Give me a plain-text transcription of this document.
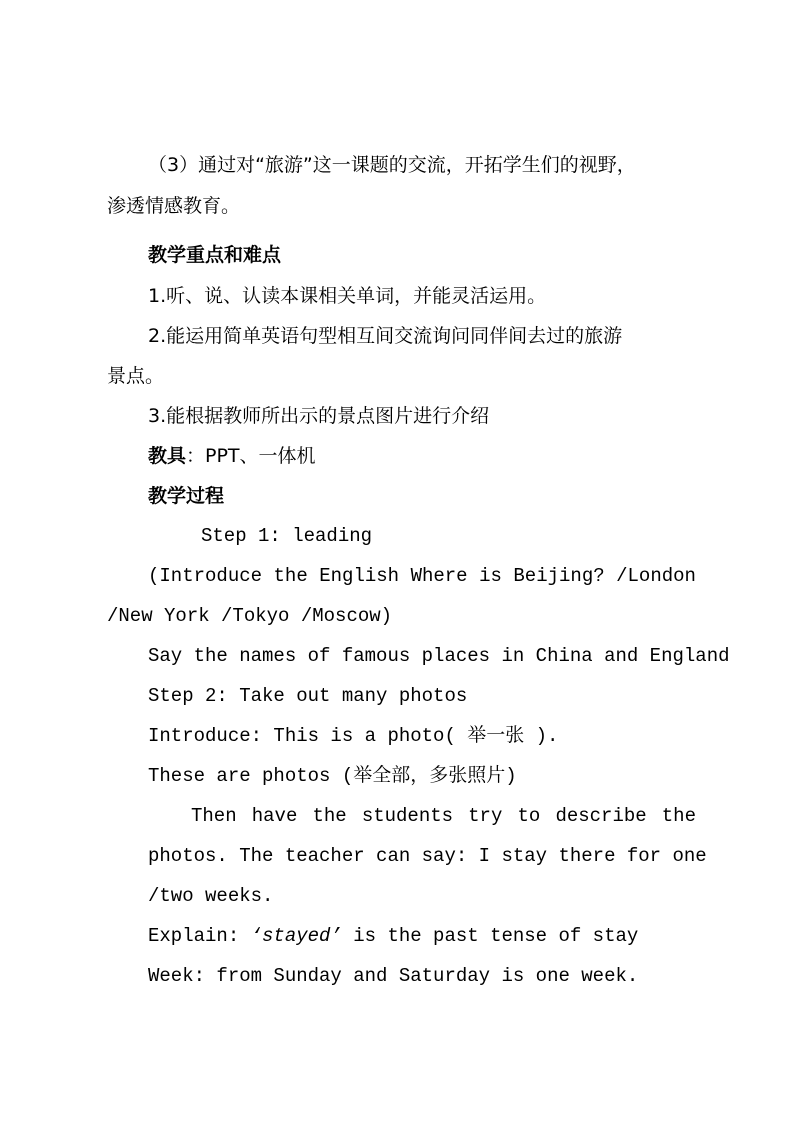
（3）通过对“旅游”这一课题的交流，开拓学生们的视野，
渗透情感教育。
教学重点和难点
1.听、说、认读本课相关单词，并能灵活运用。
2.能运用简单英语句型相互间交流询问同伴间去过的旅游
景点。
3.能根据教师所出示的景点图片进行介绍
教具：PPT、一体机
教学过程
Step 1: leading
(Introduce the English Where is Beijing? /London
/New York /Tokyo /Moscow)
Say the names of famous places in China and England
Step 2: Take out many photos
Introduce: This is a photo( 举一张 ).
These are photos (举全部，多张照片)
Then have the students try to describe the
photos. The teacher can say: I stay there for one
/two weeks.
Explain: ‘stayed’ is the past tense of stay
Week: from Sunday and Saturday is one week.
